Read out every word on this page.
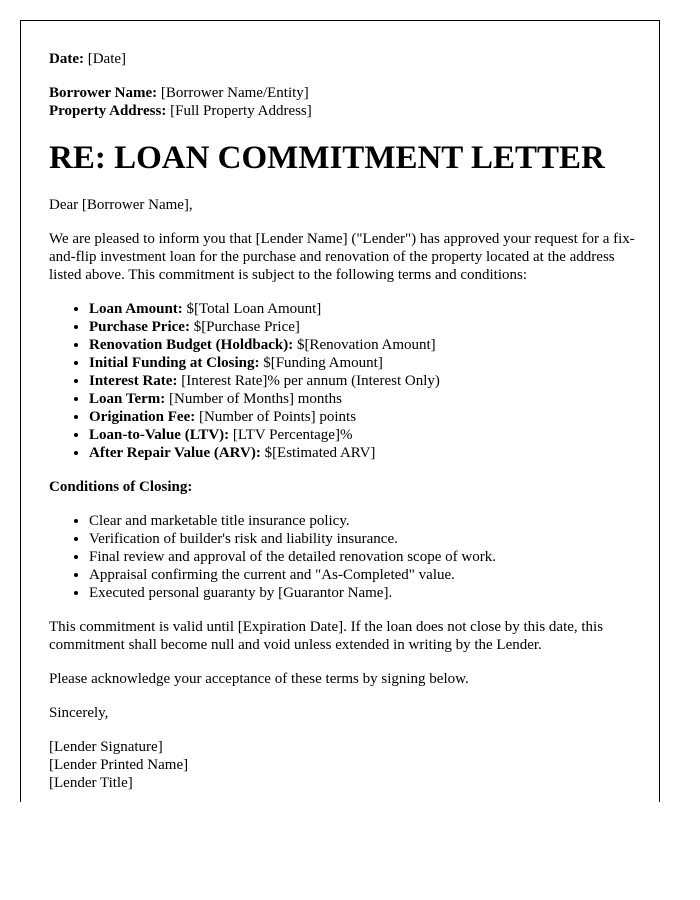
Date: [Date]

Borrower Name: [Borrower Name/Entity]

Property Address: [Full Property Address]

RE: LOAN COMMITMENT LETTER

Dear [Borrower Name],

We are pleased to inform you that [Lender Name] ("Lender") has approved your request for a fix-and-flip investment loan for the purchase and renovation of the property located at the address listed above. This commitment is subject to the following terms and conditions:

• Loan Amount: $[Total Loan Amount]
• Purchase Price: $[Purchase Price]
• Renovation Budget (Holdback): $[Renovation Amount]
• Initial Funding at Closing: $[Funding Amount]
• Interest Rate: [Interest Rate]% per annum (Interest Only)
• Loan Term: [Number of Months] months
• Origination Fee: [Number of Points] points
• Loan-to-Value (LTV): [LTV Percentage]%
• After Repair Value (ARV): $[Estimated ARV]

Conditions of Closing:

• Clear and marketable title insurance policy.
• Verification of builder's risk and liability insurance.
• Final review and approval of the detailed renovation scope of work.
• Appraisal confirming the current and "As-Completed" value.
• Executed personal guaranty by [Guarantor Name].

This commitment is valid until [Expiration Date]. If the loan does not close by this date, this commitment shall become null and void unless extended in writing by the Lender.

Please acknowledge your acceptance of these terms by signing below.

Sincerely,

[Lender Signature]

[Lender Printed Name]

[Lender Title]
